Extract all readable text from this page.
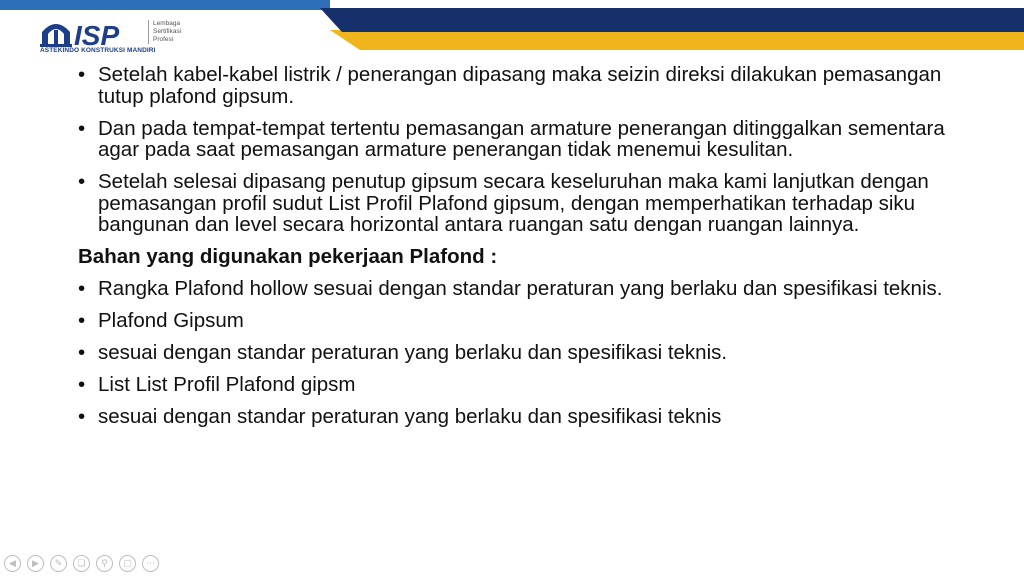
ISP	Lembaga
Sertifikasi
Profesi
ASTEKINDO KONSTRUKSI MANDIRI
• Setelah kabel-kabel listrik / penerangan dipasang maka seizin direksi dilakukan pemasangan tutup plafond gipsum.
• Dan pada tempat-tempat tertentu pemasangan armature penerangan ditinggalkan sementara agar pada saat pemasangan armature penerangan tidak menemui kesulitan.
• Setelah selesai dipasang penutup gipsum secara keseluruhan maka kami lanjutkan dengan pemasangan profil sudut List Profil Plafond gipsum, dengan memperhatikan terhadap siku bangunan dan level secara horizontal antara ruangan satu dengan ruangan lainnya.
Bahan yang digunakan pekerjaan Plafond :
• Rangka Plafond hollow sesuai dengan standar peraturan yang berlaku dan spesifikasi teknis.
• Plafond Gipsum
• sesuai dengan standar peraturan yang berlaku dan spesifikasi teknis.
• List List Profil Plafond gipsm
• sesuai dengan standar peraturan yang berlaku dan spesifikasi teknis
◀	▶	✎	❏	⚲	▢	⋯
